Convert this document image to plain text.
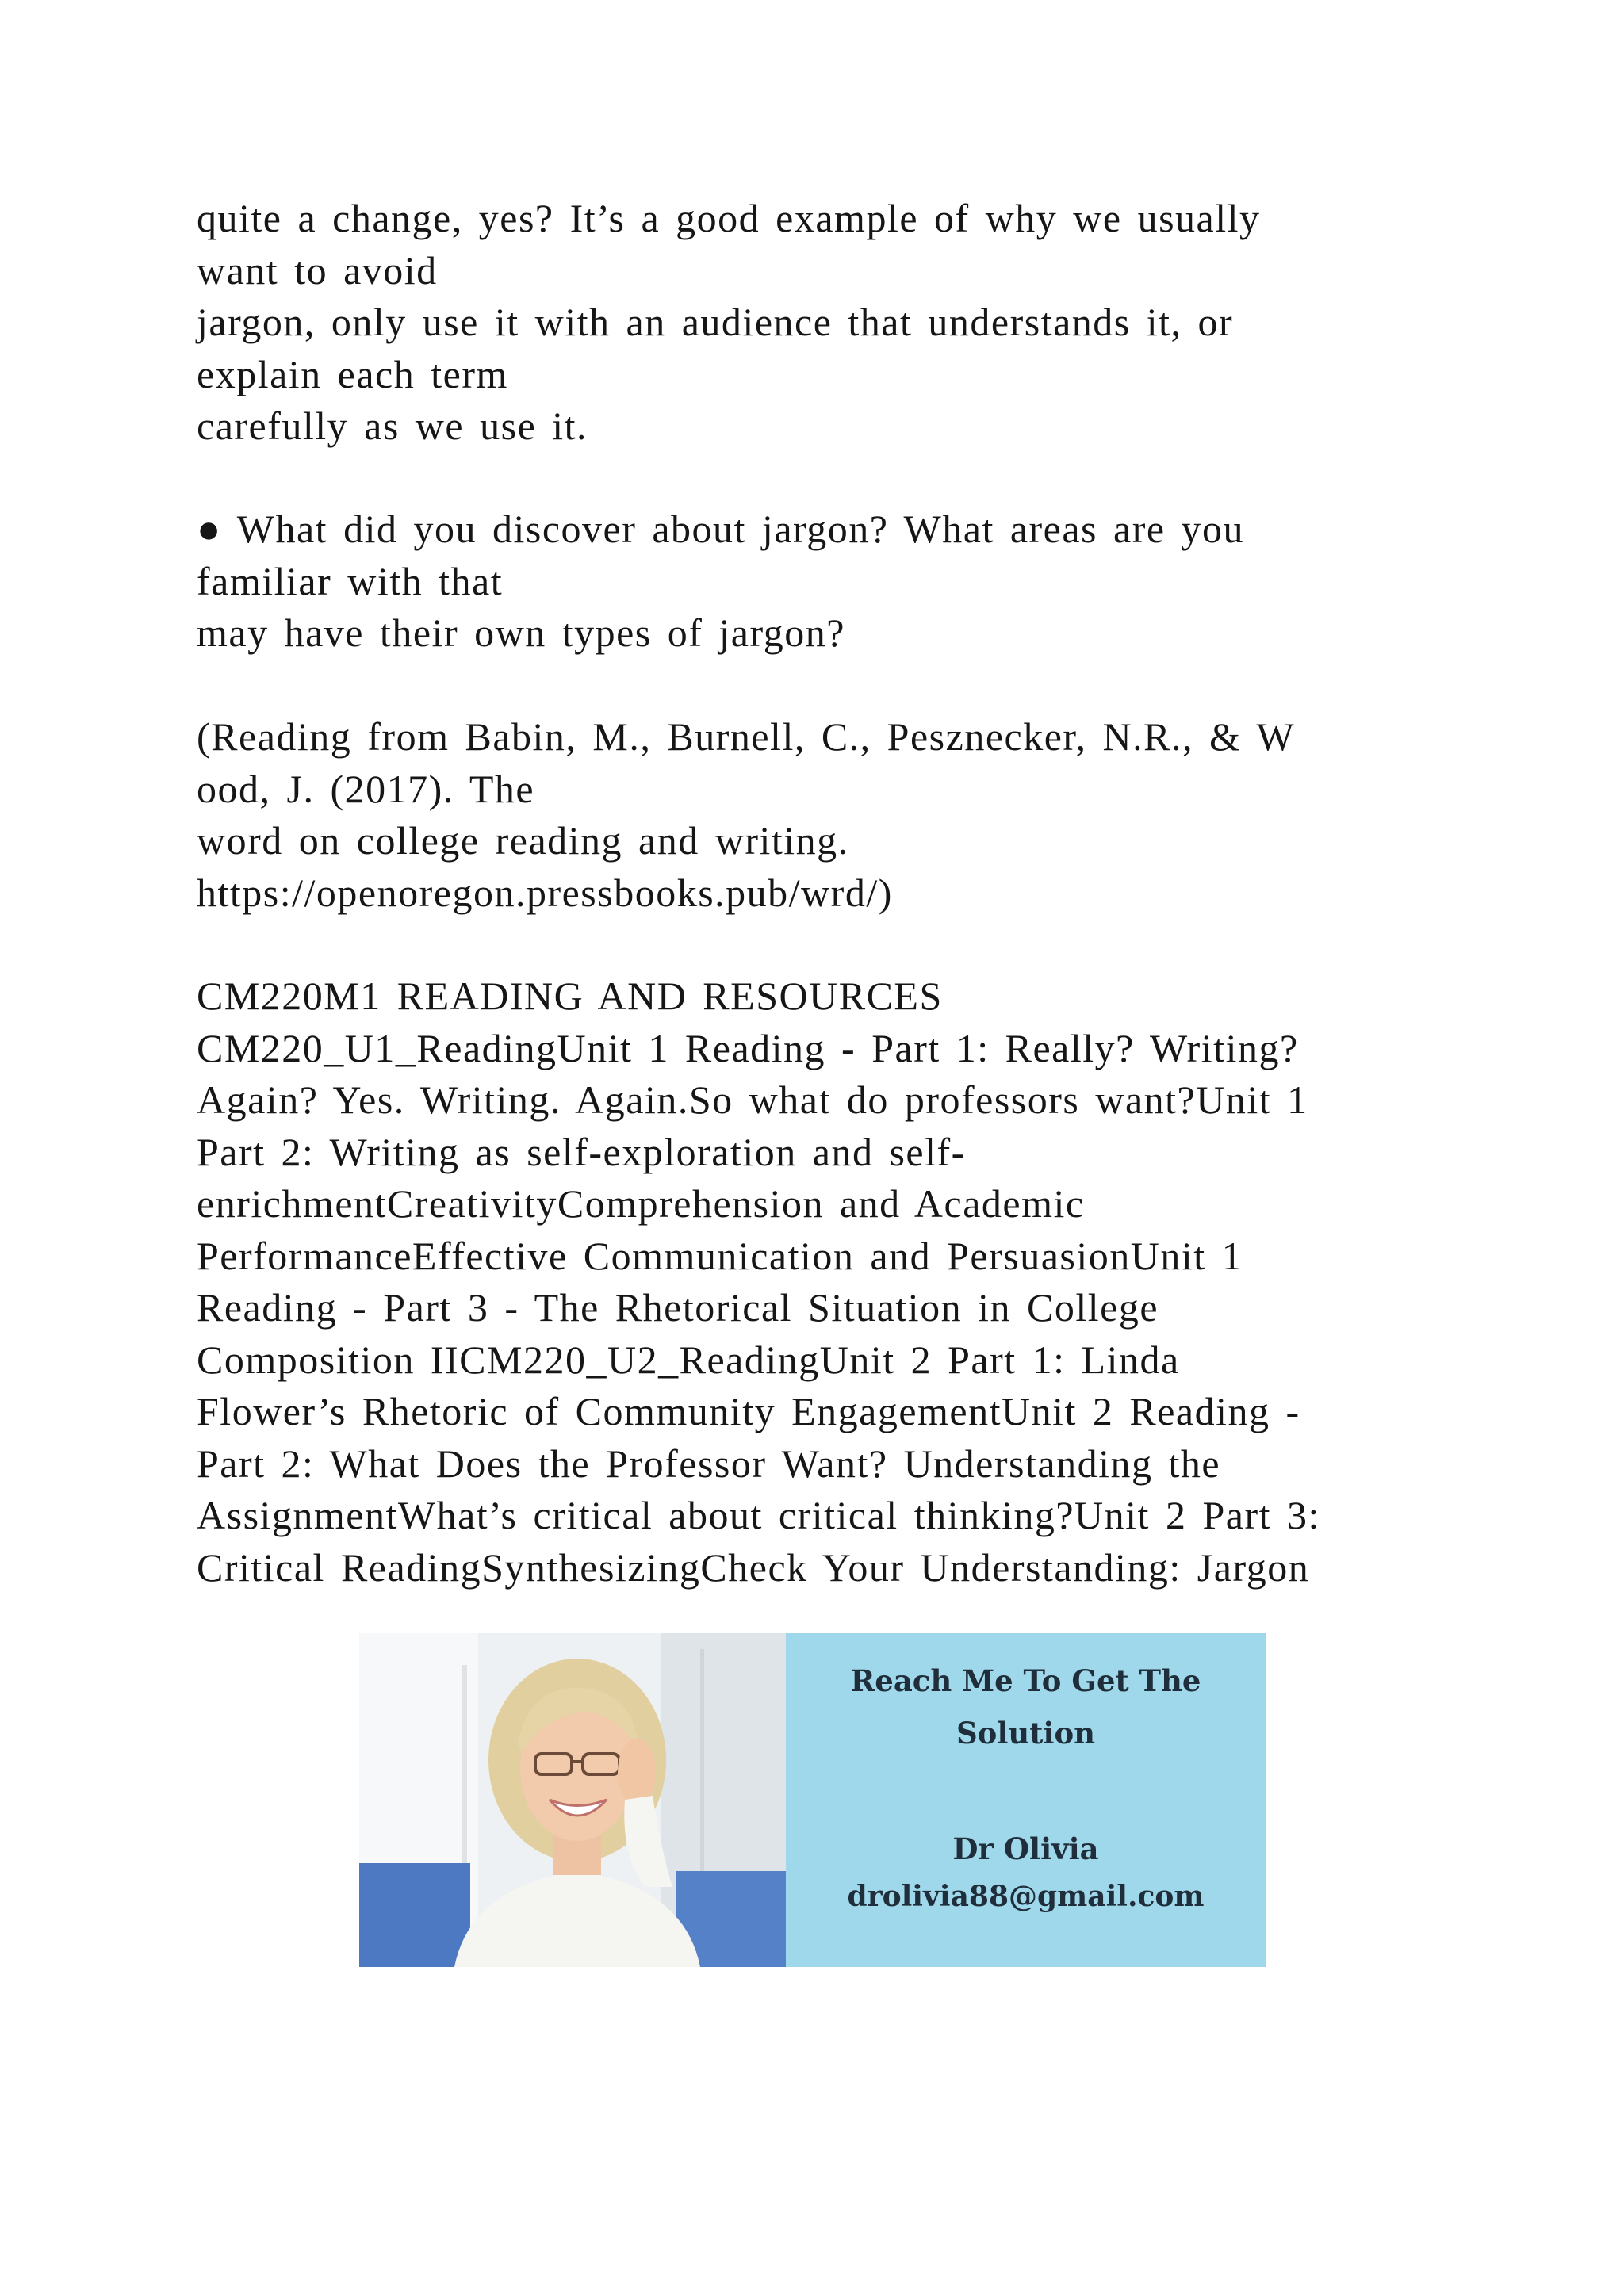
quite a change, yes? It’s a good example of why we usually
want to avoid
jargon, only use it with an audience that understands it, or
explain each term
carefully as we use it.
● What did you discover about jargon? What areas are you
familiar with that
may have their own types of jargon?
(Reading from Babin, M., Burnell, C., Pesznecker, N.R., & W
ood, J. (2017). The
word on college reading and writing.
https://openoregon.pressbooks.pub/wrd/)
CM220M1 READING AND RESOURCES
CM220_U1_ReadingUnit 1 Reading - Part 1: Really? Writing?
Again? Yes. Writing. Again.So what do professors want?Unit 1
Part 2: Writing as self-exploration and self-
enrichmentCreativityComprehension and Academic
PerformanceEffective Communication and PersuasionUnit 1
Reading - Part 3 - The Rhetorical Situation in College
Composition IICM220_U2_ReadingUnit 2 Part 1: Linda
Flower’s Rhetoric of Community EngagementUnit 2 Reading -
Part 2: What Does the Professor Want? Understanding the
AssignmentWhat’s critical about critical thinking?Unit 2 Part 3:
Critical ReadingSynthesizingCheck Your Understanding: Jargon
Reach Me To Get The
Solution
Dr Olivia
drolivia88@gmail.com
